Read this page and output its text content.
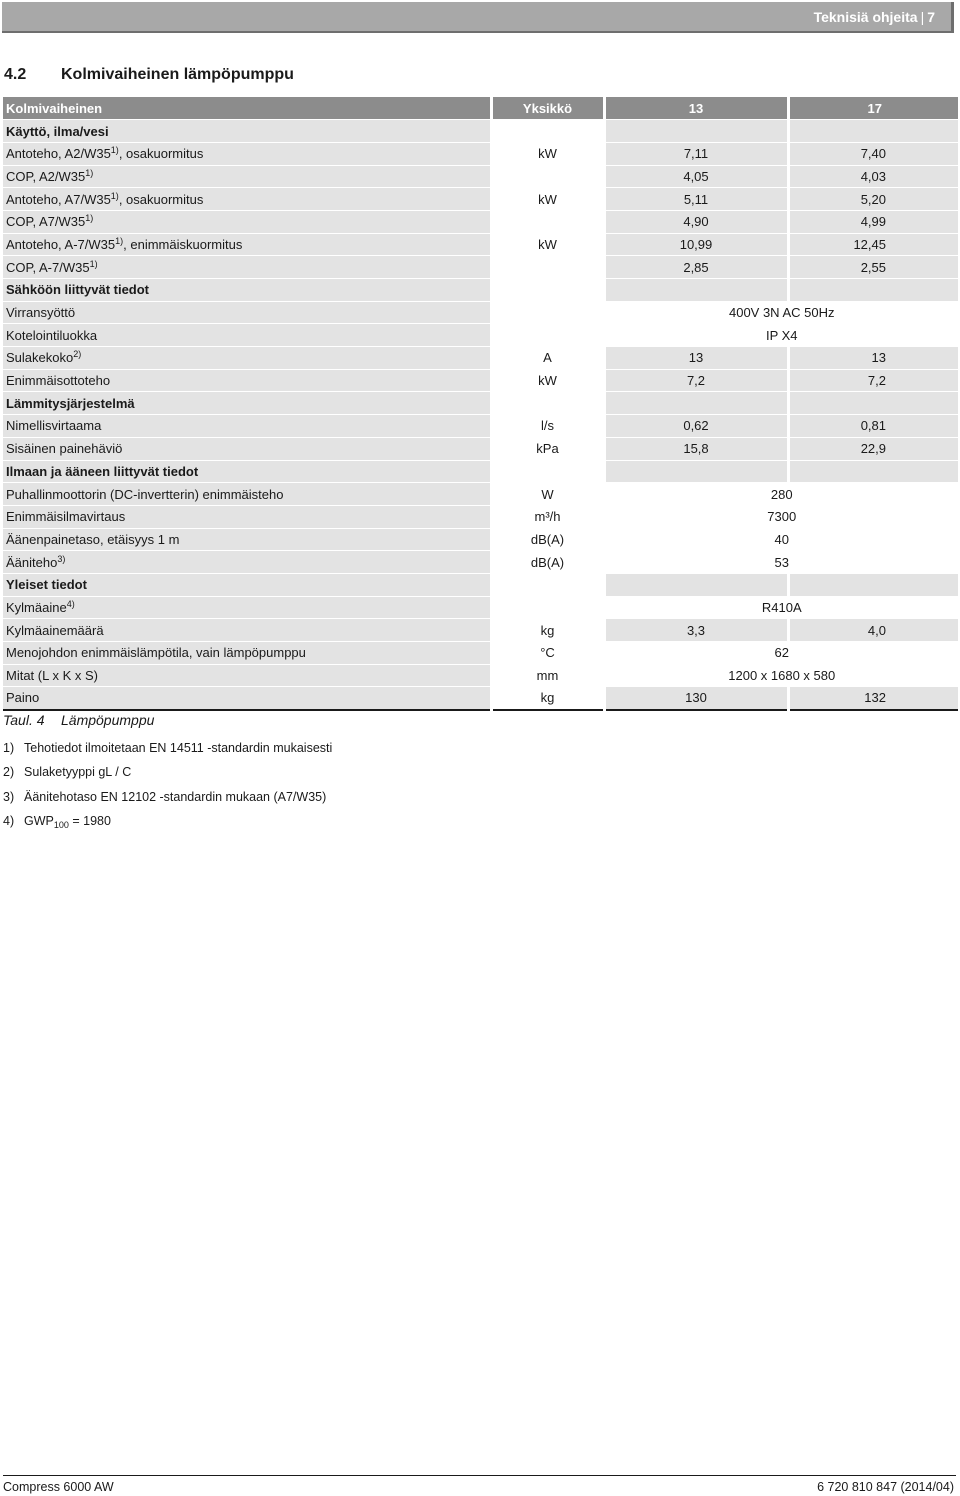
Teknisiä ohjeita | 7
4.2 Kolmivaiheinen lämpöpumppu
Kolmivaiheinen	Yksikkö	13	17
Käyttö, ilma/vesi			
Antoteho, A2/W35$^{1)}$, osakuormitus	kW	7,11	7,40
COP, A2/W35$^{1)}$		4,05	4,03
Antoteho, A7/W35$^{1)}$, osakuormitus	kW	5,11	5,20
COP, A7/W35$^{1)}$		4,90	4,99
Antoteho, A-7/W35$^{1)}$, enimmäiskuormitus	kW	10,99	12,45
COP, A-7/W35$^{1)}$		2,85	2,55
Sähköön liittyvät tiedot			
Virransyöttö		400V 3N AC 50Hz	
Kotelointiluokka		IP X4	
Sulakekoko$^{2)}$	A	13	13
Enimmäisottoteho	kW	7,2	7,2
Lämmitysjärjestelmä			
Nimellisvirtaama	l/s	0,62	0,81
Sisäinen painehäviö	kPa	15,8	22,9
Ilmaan ja ääneen liittyvät tiedot			
Puhallinmoottorin (DC-invertterin) enimmäisteho	W	280	
Enimmäisilmavirtaus	m³/h	7300	
Äänenpainetaso, etäisyys 1 m	dB(A)	40	
Ääniteho$^{3)}$	dB(A)	53	
Yleiset tiedot			
Kylmäaine$^{4)}$		R410A	
Kylmäainemäärä	kg	3,3	4,0
Menojohdon enimmäislämpötila, vain lämpöpumppu	°C	62	
Mitat (L x K x S)	mm	1200 x 1680 x 580	
Paino	kg	130	132
Taul. 4 Lämpöpumppu
1) Tehotiedot ilmoitetaan EN 14511 -standardin mukaisesti
2) Sulaketyyppi gL / C
3) Äänitehotaso EN 12102 -standardin mukaan (A7/W35)
4) $GWP_{100} = 1980$
Compress 6000 AW	6 720 810 847 (2014/04)
